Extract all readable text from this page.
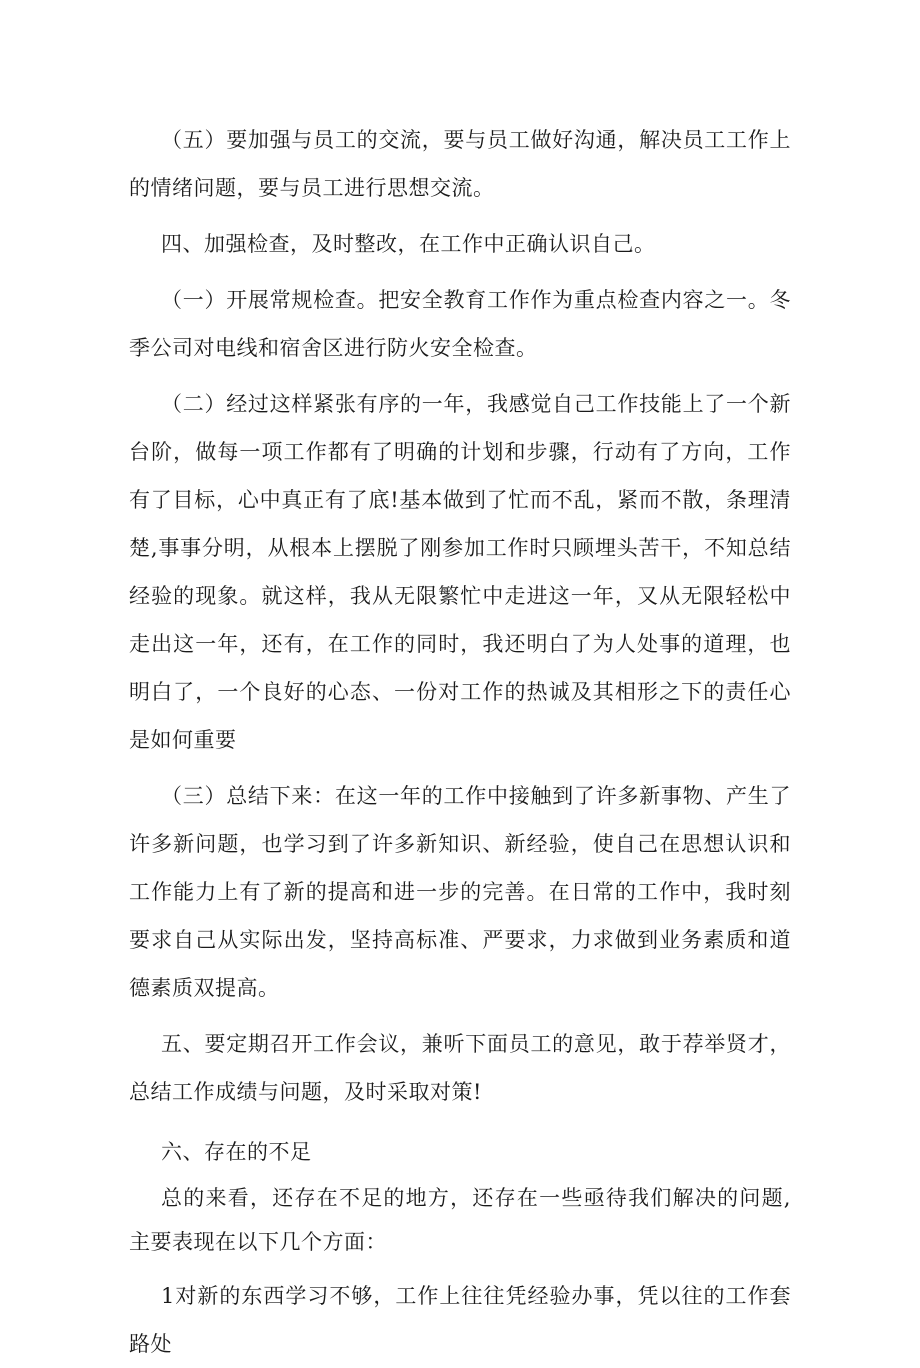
（五）要加强与员工的交流，要与员工做好沟通，解决员工工作上的情绪问题，要与员工进行思想交流。

四、加强检查，及时整改，在工作中正确认识自己。

（一）开展常规检查。把安全教育工作作为重点检查内容之一。冬季公司对电线和宿舍区进行防火安全检查。

（二）经过这样紧张有序的一年，我感觉自己工作技能上了一个新台阶，做每一项工作都有了明确的计划和步骤，行动有了方向，工作有了目标，心中真正有了底!基本做到了忙而不乱，紧而不散，条理清楚,事事分明，从根本上摆脱了刚参加工作时只顾埋头苦干，不知总结经验的现象。就这样，我从无限繁忙中走进这一年，又从无限轻松中走出这一年，还有，在工作的同时，我还明白了为人处事的道理，也明白了，一个良好的心态、一份对工作的热诚及其相形之下的责任心是如何重要

（三）总结下来：在这一年的工作中接触到了许多新事物、产生了许多新问题，也学习到了许多新知识、新经验，使自己在思想认识和工作能力上有了新的提高和进一步的完善。在日常的工作中，我时刻要求自己从实际出发，坚持高标准、严要求，力求做到业务素质和道德素质双提高。

五、要定期召开工作会议，兼听下面员工的意见，敢于荐举贤才，总结工作成绩与问题，及时采取对策!

六、存在的不足

总的来看，还存在不足的地方，还存在一些亟待我们解决的问题,主要表现在以下几个方面：

1对新的东西学习不够，工作上往往凭经验办事，凭以往的工作套路处
